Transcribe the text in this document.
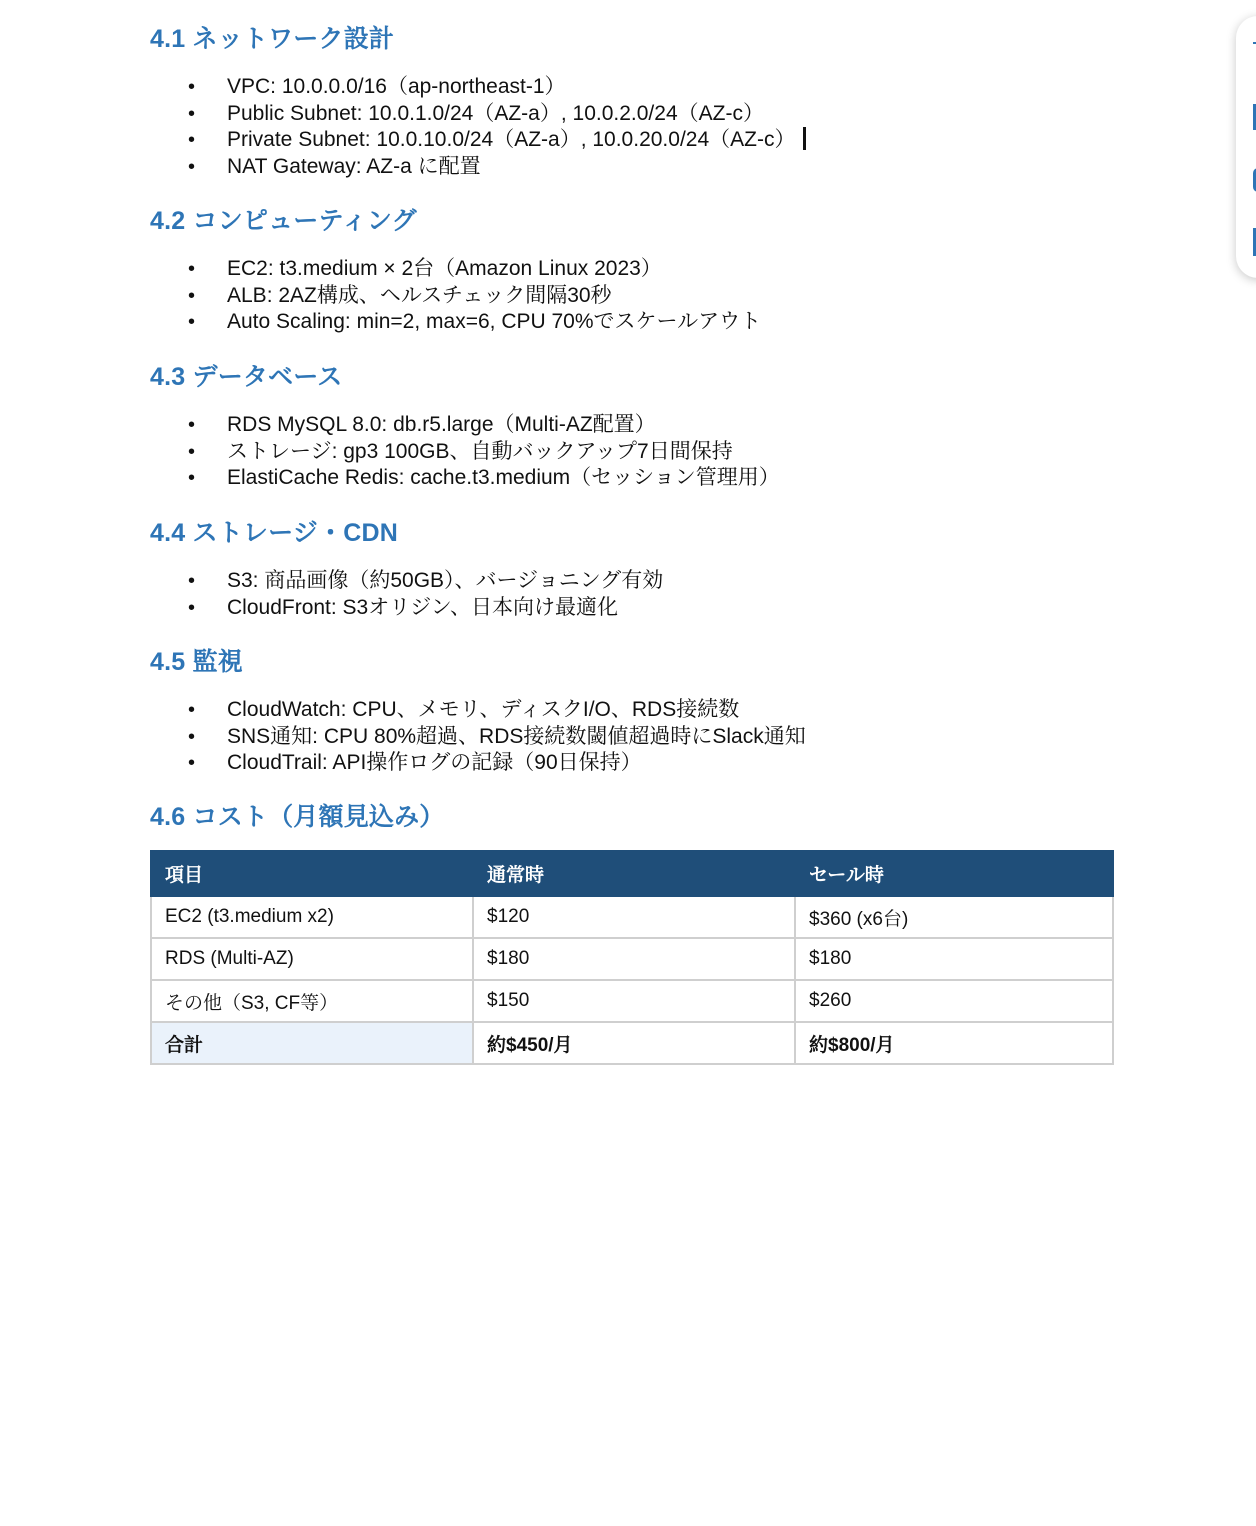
4.1 ネットワーク設計
• VPC: 10.0.0.0/16（ap-northeast-1）
• Public Subnet: 10.0.1.0/24（AZ-a）, 10.0.2.0/24（AZ-c）
• Private Subnet: 10.0.10.0/24（AZ-a）, 10.0.20.0/24（AZ-c）
• NAT Gateway: AZ-a に配置
4.2 コンピューティング
• EC2: t3.medium × 2台（Amazon Linux 2023）
• ALB: 2AZ構成、ヘルスチェック間隔30秒
• Auto Scaling: min=2, max=6, CPU 70%でスケールアウト
4.3 データベース
• RDS MySQL 8.0: db.r5.large（Multi-AZ配置）
• ストレージ: gp3 100GB、自動バックアップ7日間保持
• ElastiCache Redis: cache.t3.medium（セッション管理用）
4.4 ストレージ・CDN
• S3: 商品画像（約50GB）、バージョニング有効
• CloudFront: S3オリジン、日本向け最適化
4.5 監視
• CloudWatch: CPU、メモリ、ディスクI/O、RDS接続数
• SNS通知: CPU 80%超過、RDS接続数閾値超過時にSlack通知
• CloudTrail: API操作ログの記録（90日保持）
4.6 コスト（月額見込み）
項目	通常時	セール時
EC2 (t3.medium x2)	$120	$360 (x6台)
RDS (Multi-AZ)	$180	$180
その他（S3, CF等）	$150	$260
合計	約$450/月	約$800/月
